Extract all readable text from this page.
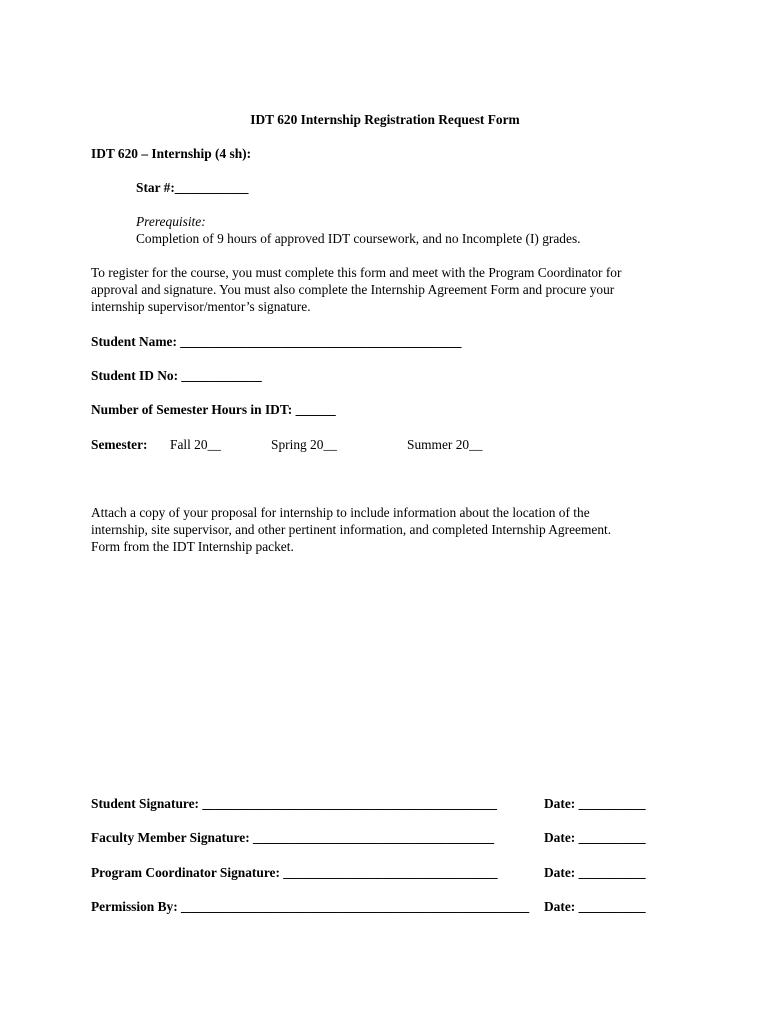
IDT 620 Internship Registration Request Form
IDT 620 – Internship (4 sh):
Star #:___________
Prerequisite:
Completion of 9 hours of approved IDT coursework, and no Incomplete (I) grades.
To register for the course, you must complete this form and meet with the Program Coordinator for
approval and signature. You must also complete the Internship Agreement Form and procure your
internship supervisor/mentor’s signature.
Student Name: __________________________________________
Student ID No: ____________
Number of Semester Hours in IDT: ______
Semester: Fall 20__	Spring 20__	Summer 20__
Attach a copy of your proposal for internship to include information about the location of the
internship, site supervisor, and other pertinent information, and completed Internship Agreement.
Form from the IDT Internship packet.
Student Signature: ____________________________________________	Date: __________
Faculty Member Signature: ____________________________________	Date: __________
Program Coordinator Signature: ________________________________	Date: __________
Permission By: ____________________________________________________	Date: __________
